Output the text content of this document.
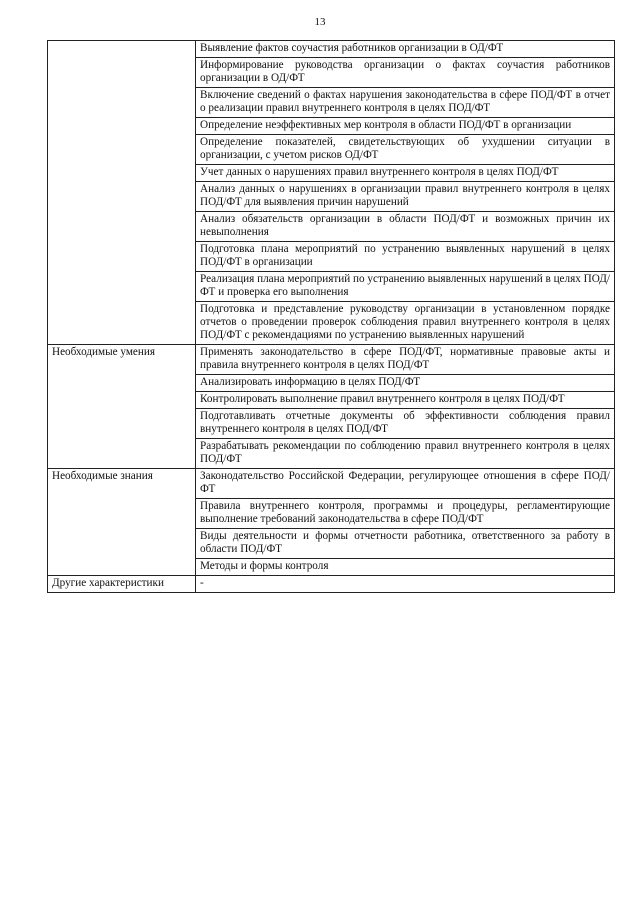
13
	Выявление фактов соучастия работников организации в ОД/ФТ
	Информирование руководства организации о фактах соучастия работников организации в ОД/ФТ
	Включение сведений о фактах нарушения законодательства в сфере ПОД/ФТ в отчет о реализации правил внутреннего контроля в целях ПОД/ФТ
	Определение неэффективных мер контроля в области ПОД/ФТ в организации
	Определение показателей, свидетельствующих об ухудшении ситуации в организации, с учетом рисков ОД/ФТ
	Учет данных о нарушениях правил внутреннего контроля в целях ПОД/ФТ
	Анализ данных о нарушениях в организации правил внутреннего контроля в целях ПОД/ФТ для выявления причин нарушений
	Анализ обязательств организации в области ПОД/ФТ и возможных причин их невыполнения
	Подготовка плана мероприятий по устранению выявленных нарушений в целях ПОД/ФТ в организации
	Реализация плана мероприятий по устранению выявленных нарушений в целях ПОД/ФТ и проверка его выполнения
	Подготовка и представление руководству организации в установленном порядке отчетов о проведении проверок соблюдения правил внутреннего контроля в целях ПОД/ФТ с рекомендациями по устранению выявленных нарушений
Необходимые умения	Применять законодательство в сфере ПОД/ФТ, нормативные правовые акты и правила внутреннего контроля в целях ПОД/ФТ
	Анализировать информацию в целях ПОД/ФТ
	Контролировать выполнение правил внутреннего контроля в целях ПОД/ФТ
	Подготавливать отчетные документы об эффективности соблюдения правил внутреннего контроля в целях ПОД/ФТ
	Разрабатывать рекомендации по соблюдению правил внутреннего контроля в целях ПОД/ФТ
Необходимые знания	Законодательство Российской Федерации, регулирующее отношения в сфере ПОД/ФТ
	Правила внутреннего контроля, программы и процедуры, регламентирующие выполнение требований законодательства в сфере ПОД/ФТ
	Виды деятельности и формы отчетности работника, ответственного за работу в области ПОД/ФТ
	Методы и формы контроля
Другие характеристики	-
